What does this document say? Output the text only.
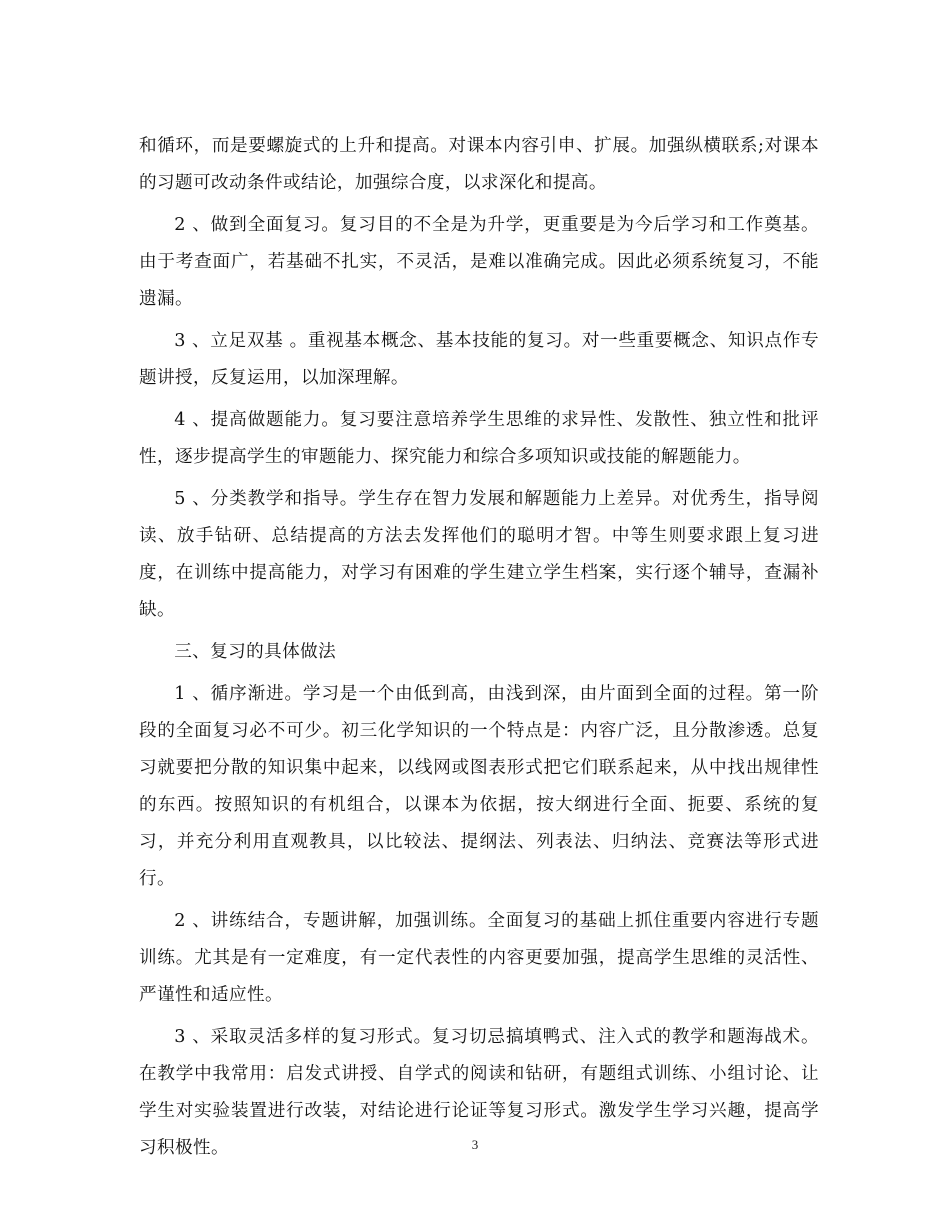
和循环，而是要螺旋式的上升和提高。对课本内容引申、扩展。加强纵横联系;对课本的习题可改动条件或结论，加强综合度，以求深化和提高。

2 、做到全面复习。复习目的不全是为升学，更重要是为今后学习和工作奠基。由于考查面广，若基础不扎实，不灵活，是难以准确完成。因此必须系统复习，不能遗漏。

3 、立足双基 。重视基本概念、基本技能的复习。对一些重要概念、知识点作专题讲授，反复运用，以加深理解。

4 、提高做题能力。复习要注意培养学生思维的求异性、发散性、独立性和批评性，逐步提高学生的审题能力、探究能力和综合多项知识或技能的解题能力。

5 、分类教学和指导。学生存在智力发展和解题能力上差异。对优秀生，指导阅读、放手钻研、总结提高的方法去发挥他们的聪明才智。中等生则要求跟上复习进度，在训练中提高能力，对学习有困难的学生建立学生档案，实行逐个辅导，查漏补缺。

三、复习的具体做法

1 、循序渐进。学习是一个由低到高，由浅到深，由片面到全面的过程。第一阶段的全面复习必不可少。初三化学知识的一个特点是：内容广泛，且分散渗透。总复习就要把分散的知识集中起来，以线网或图表形式把它们联系起来，从中找出规律性的东西。按照知识的有机组合，以课本为依据，按大纲进行全面、扼要、系统的复习，并充分利用直观教具，以比较法、提纲法、列表法、归纳法、竞赛法等形式进行。

2 、讲练结合，专题讲解，加强训练。全面复习的基础上抓住重要内容进行专题训练。尤其是有一定难度，有一定代表性的内容更要加强，提高学生思维的灵活性、严谨性和适应性。

3 、采取灵活多样的复习形式。复习切忌搞填鸭式、注入式的教学和题海战术。在教学中我常用：启发式讲授、自学式的阅读和钻研，有题组式训练、小组讨论、让学生对实验装置进行改装，对结论进行论证等复习形式。激发学生学习兴趣，提高学习积极性。	3
